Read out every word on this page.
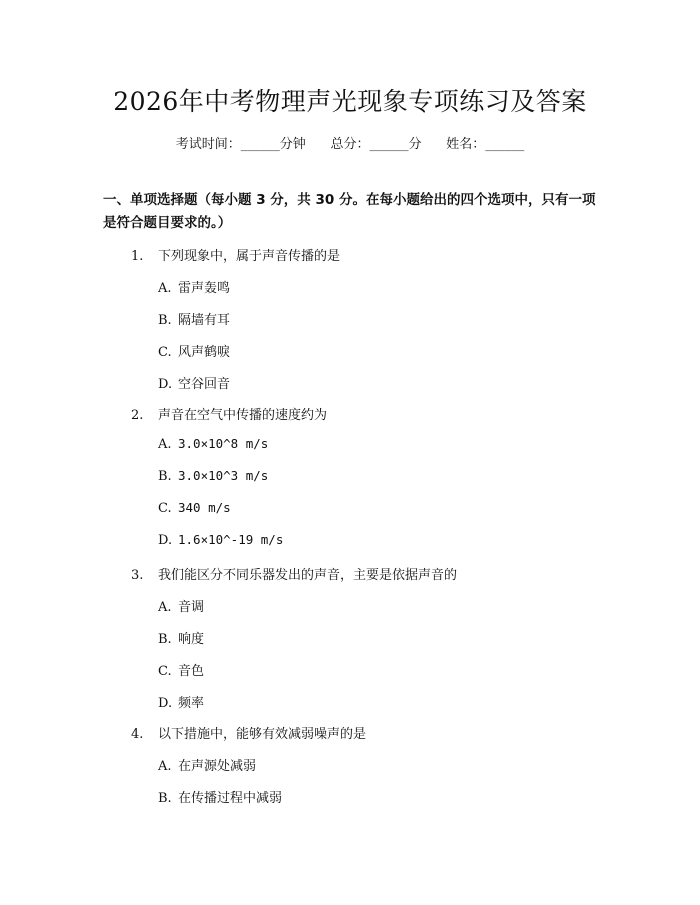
2026年中考物理声光现象专项练习及答案
考试时间：______分钟      总分：______分      姓名：______
一、单项选择题（每小题 3 分，共 30 分。在每小题给出的四个选项中，只有一项是符合题目要求的。）
1. 下列现象中，属于声音传播的是
A. 雷声轰鸣
B. 隔墙有耳
C. 风声鹤唳
D. 空谷回音
2. 声音在空气中传播的速度约为
A. 3.0×10^8 m/s
B. 3.0×10^3 m/s
C. 340 m/s
D. 1.6×10^-19 m/s
3. 我们能区分不同乐器发出的声音，主要是依据声音的
A. 音调
B. 响度
C. 音色
D. 频率
4. 以下措施中，能够有效减弱噪声的是
A. 在声源处减弱
B. 在传播过程中减弱
